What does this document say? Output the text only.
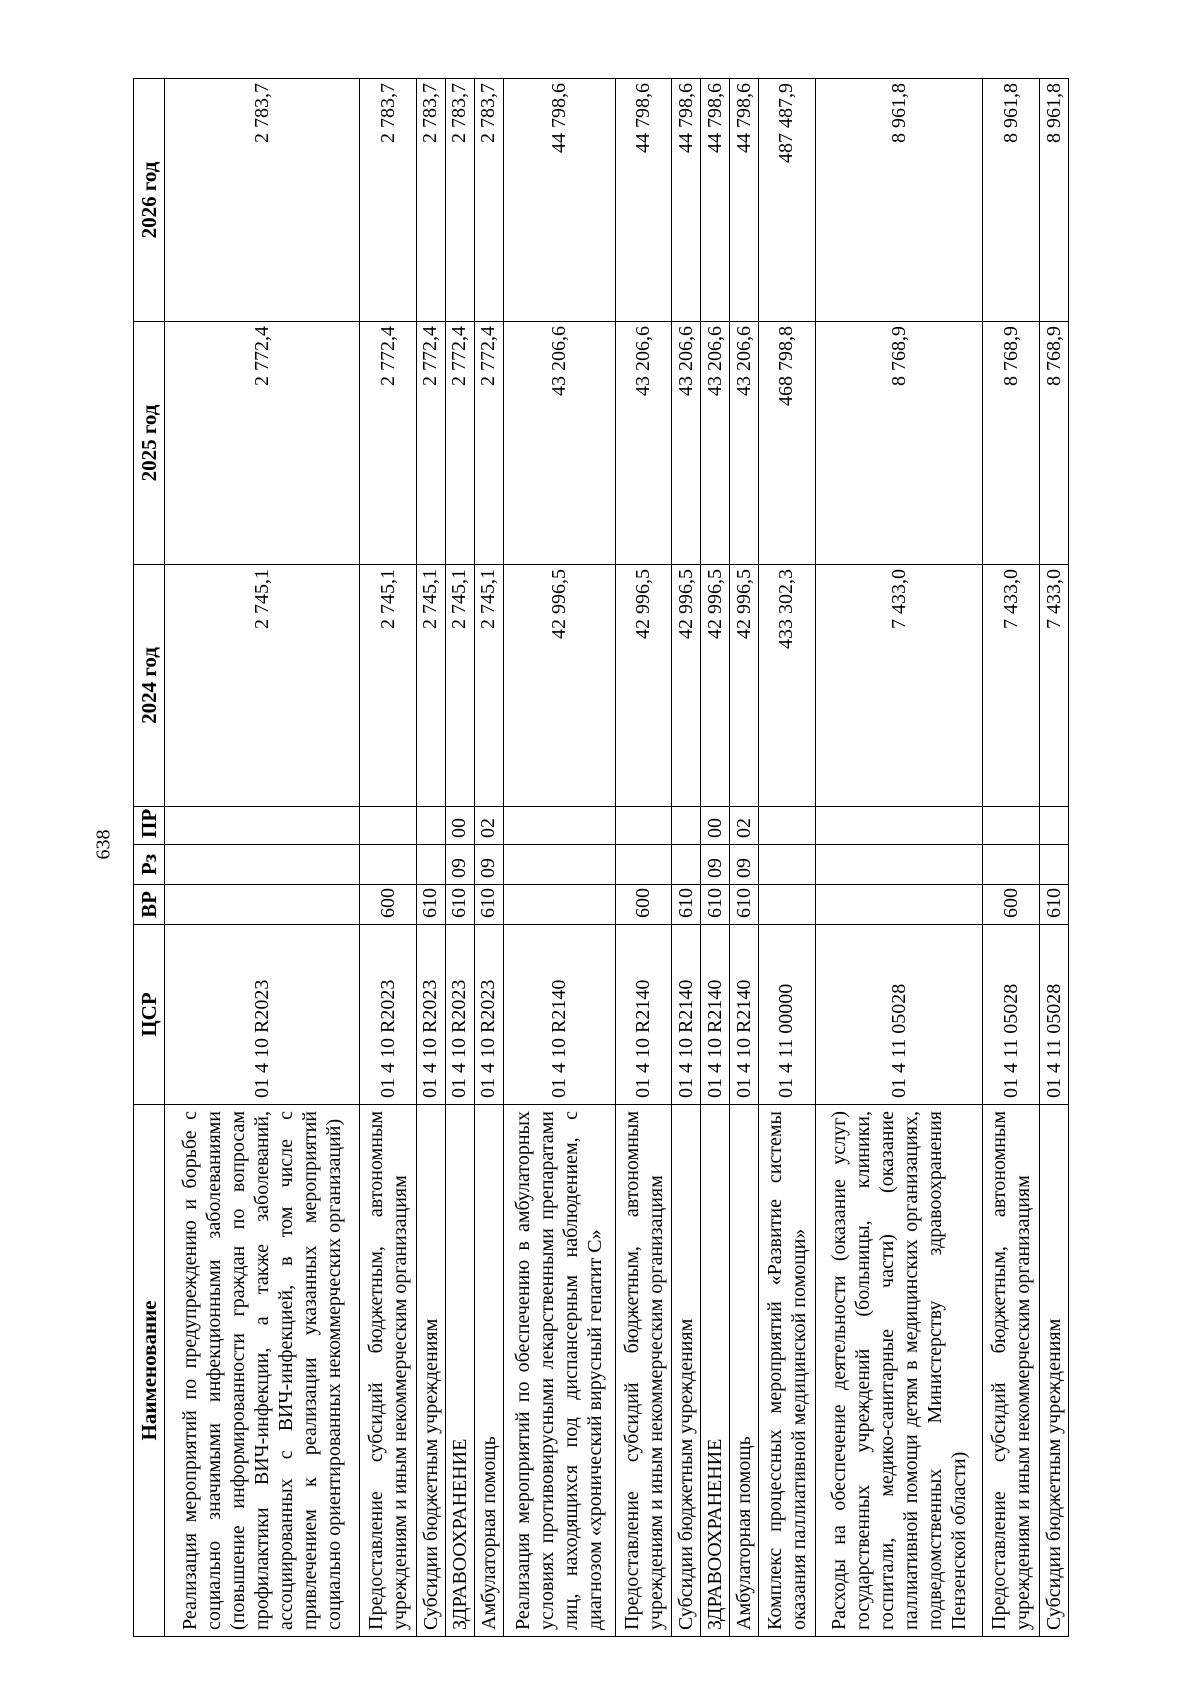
638
Наименование	ЦСР	ВР	Рз	ПР	2024 год	2025 год	2026 год
Реализация мероприятий по предупреждению и борьбе с социально значимыми инфекционными заболеваниями (повышение информированности граждан по вопросам профилактики ВИЧ-инфекции, а также заболеваний, ассоциированных с ВИЧ-инфекцией, в том числе с привлечением к реализации указанных мероприятий социально ориентированных некоммерческих организаций)	01 4 10 R2023				2 745,1	2 772,4	2 783,7
Предоставление субсидий бюджетным, автономным учреждениям и иным некоммерческим организациям	01 4 10 R2023	600			2 745,1	2 772,4	2 783,7
Субсидии бюджетным учреждениям	01 4 10 R2023	610			2 745,1	2 772,4	2 783,7
ЗДРАВООХРАНЕНИЕ	01 4 10 R2023	610	09	00	2 745,1	2 772,4	2 783,7
Амбулаторная помощь	01 4 10 R2023	610	09	02	2 745,1	2 772,4	2 783,7
Реализация мероприятий по обеспечению в амбулаторных условиях противовирусными лекарственными препаратами лиц, находящихся под диспансерным наблюдением, с диагнозом «хронический вирусный гепатит С»	01 4 10 R2140				42 996,5	43 206,6	44 798,6
Предоставление субсидий бюджетным, автономным учреждениям и иным некоммерческим организациям	01 4 10 R2140	600			42 996,5	43 206,6	44 798,6
Субсидии бюджетным учреждениям	01 4 10 R2140	610			42 996,5	43 206,6	44 798,6
ЗДРАВООХРАНЕНИЕ	01 4 10 R2140	610	09	00	42 996,5	43 206,6	44 798,6
Амбулаторная помощь	01 4 10 R2140	610	09	02	42 996,5	43 206,6	44 798,6
Комплекс процессных мероприятий «Развитие системы оказания паллиативной медицинской помощи»	01 4 11 00000				433 302,3	468 798,8	487 487,9
Расходы на обеспечение деятельности (оказание услуг) государственных учреждений (больницы, клиники, госпитали, медико-санитарные части) (оказание паллиативной помощи детям в медицинских организациях, подведомственных Министерству здравоохранения Пензенской области)	01 4 11 05028				7 433,0	8 768,9	8 961,8
Предоставление субсидий бюджетным, автономным учреждениям и иным некоммерческим организациям	01 4 11 05028	600			7 433,0	8 768,9	8 961,8
Субсидии бюджетным учреждениям	01 4 11 05028	610			7 433,0	8 768,9	8 961,8
